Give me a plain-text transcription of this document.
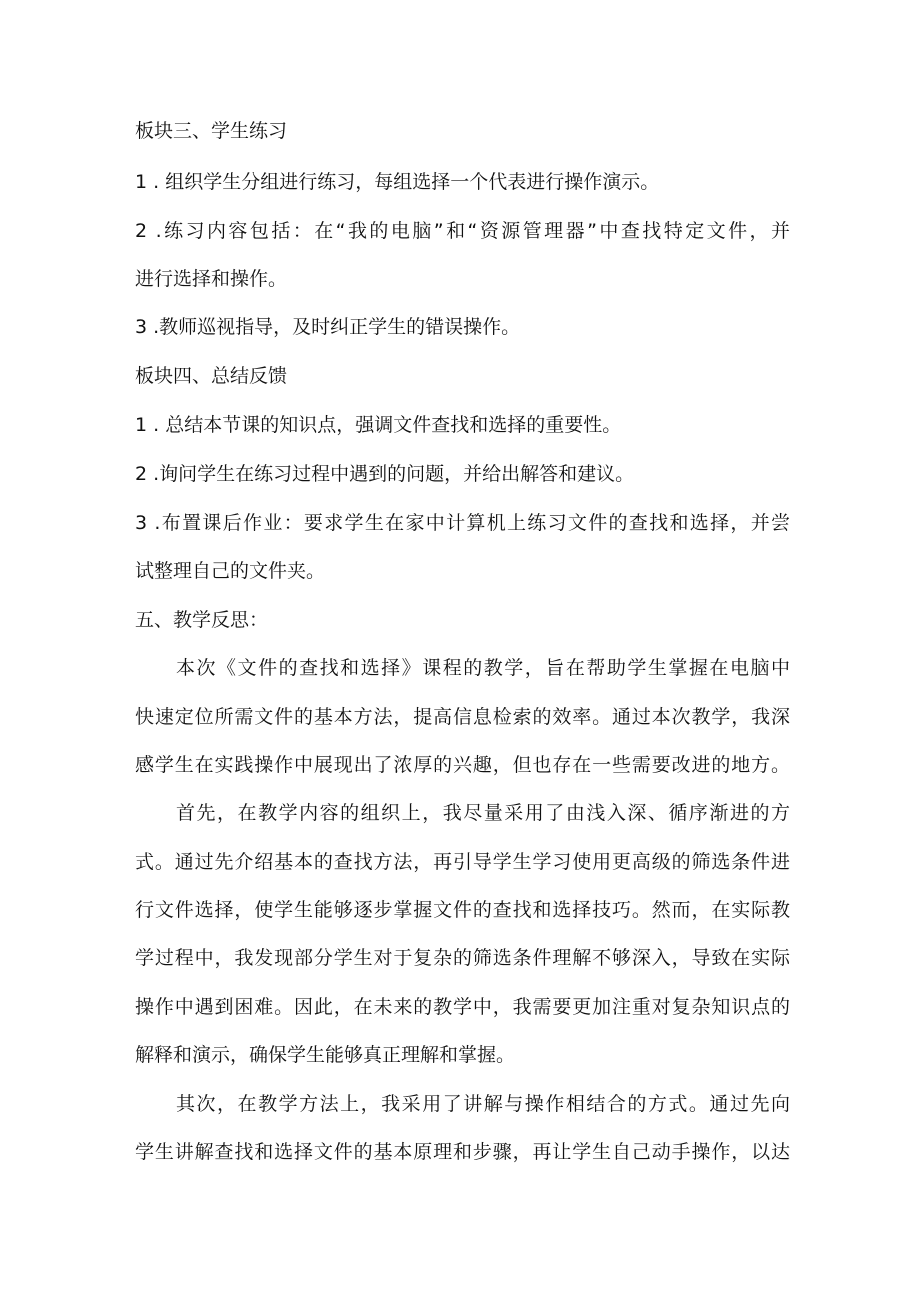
板块三、学生练习
1 . 组织学生分组进行练习，每组选择一个代表进行操作演示。
2 .练习内容包括：在“我的电脑”和“资源管理器”中查找特定文件，并
进行选择和操作。
3 .教师巡视指导，及时纠正学生的错误操作。
板块四、总结反馈
1 . 总结本节课的知识点，强调文件查找和选择的重要性。
2 .询问学生在练习过程中遇到的问题，并给出解答和建议。
3 .布置课后作业：要求学生在家中计算机上练习文件的查找和选择，并尝
试整理自己的文件夹。
五、教学反思：
本次《文件的查找和选择》课程的教学，旨在帮助学生掌握在电脑中
快速定位所需文件的基本方法，提高信息检索的效率。通过本次教学，我深
感学生在实践操作中展现出了浓厚的兴趣，但也存在一些需要改进的地方。
首先，在教学内容的组织上，我尽量采用了由浅入深、循序渐进的方
式。通过先介绍基本的查找方法，再引导学生学习使用更高级的筛选条件进
行文件选择，使学生能够逐步掌握文件的查找和选择技巧。然而，在实际教
学过程中，我发现部分学生对于复杂的筛选条件理解不够深入，导致在实际
操作中遇到困难。因此，在未来的教学中，我需要更加注重对复杂知识点的
解释和演示，确保学生能够真正理解和掌握。
其次，在教学方法上，我采用了讲解与操作相结合的方式。通过先向
学生讲解查找和选择文件的基本原理和步骤，再让学生自己动手操作，以达
